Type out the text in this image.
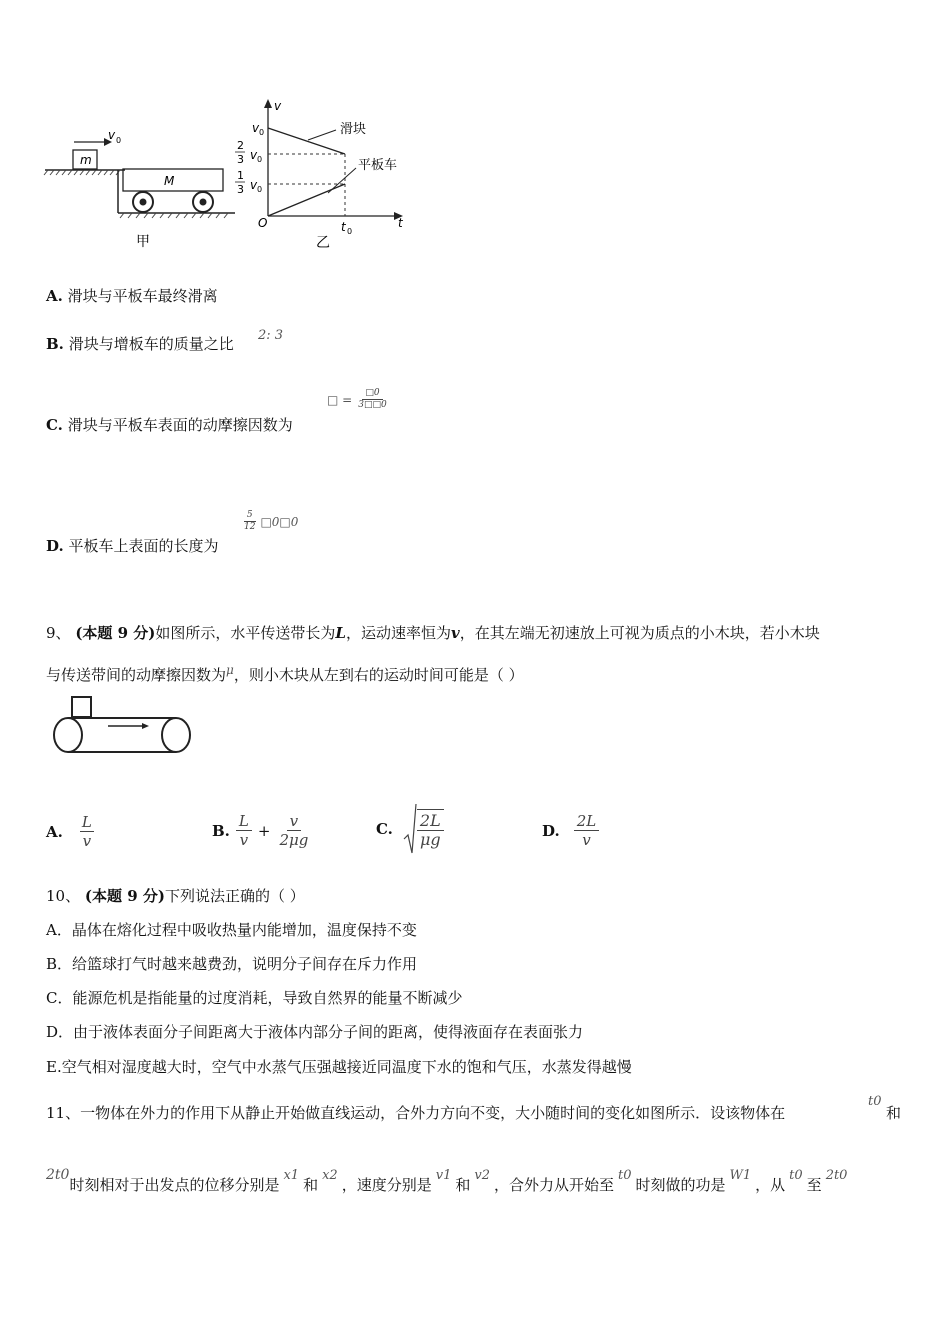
m
v 0
M
甲
v
t
O
v 0
2
3 v 0
1
3 v 0
滑块
平板车
t 0
乙
A. 滑块与平板车最终滑离
B. 滑块与增板车的质量之比 2: 3
C. 滑块与平板车表面的动摩擦因数为
□ = $\frac{□0}{3□□0}$
D. 平板车上表面的长度为
$\frac{5}{12}$ □0□0
9、 (本题 9 分)如图所示，水平传送带长为L，运动速率恒为v，在其左端无初速放上可视为质点的小木块，若小木块
与传送带间的动摩擦因数为$^\mu$，则小木块从左到右的运动时间可能是（ ）
A. $\frac{L}{v}$	B. $\frac{L}{v} + \frac{v}{2\mu g}$	C. $\frac{2L}{\mu g}$	D. $\frac{2L}{v}$
10、 (本题 9 分)下列说法正确的（ ）
A．晶体在熔化过程中吸收热量内能增加，温度保持不变
B．给篮球打气时越来越费劲，说明分子间存在斥力作用
C．能源危机是指能量的过度消耗，导致自然界的能量不断减少
D．由于液体表面分子间距离大于液体内部分子间的距离，使得液面存在表面张力
E.空气相对湿度越大时，空气中水蒸气压强越接近同温度下水的饱和气压，水蒸发得越慢
11、一物体在外力的作用下从静止开始做直线运动，合外力方向不变，大小随时间的变化如图所示．设该物体在
t0
和
2t0
时刻相对于出发点的位移分别是
x1
和
x2
，速度分别是
v1
和
v2
，合外力从开始至
t0
时刻做的功是
W1
，从
t0
至
2t0
